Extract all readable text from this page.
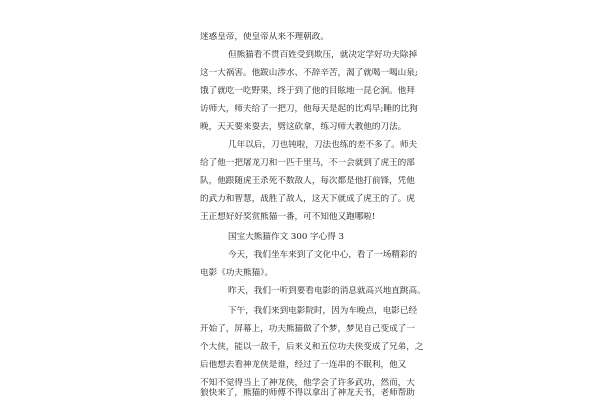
迷惑皇帝，使皇帝从来不理朝政。
但熊猫看不贯百姓受到欺压，就决定学好功夫除掉
这一大祸害。他跋山涉水、不辞辛苦，渴了就喝一喝山泉;
饿了就吃一吃野果，终于到了他的目眩地一昆仑涧。他拜
访师大，师夫给了一把刀，他每天是起的比鸡早;睡的比狗
晚，天天要来耍去，劈这砍拿，练习师大教他的刀法。
几年以后，刀也钝啦，刀法也练的差不多了。师夫
给了他一把屠龙刀和一匹千里马，不一会就到了虎王的部
队，他跟随虎王杀死不数敌人，每次都是他打前锋，凭他
的武力和智慧，战胜了敌人，这天下就成了虎王的了。虎
王正想好好奖赏熊猫一番，可不知他又跑哪啦!
国宝大熊猫作文 300 字心得 3
今天，我们坐车来到了文化中心，看了一场精彩的
电影《功夫熊猫》。
昨天，我们一听到要看电影的消息就高兴地直跳高。
下午，我们来到电影院时，因为车晚点，电影已经
开始了，屏幕上，功夫熊猫做了个梦，梦见自己变成了一
个大侠，能以一敌千，后来义和五位功夫侠变成了兄弟，之
后他想去看神龙侠是谁，经过了一连串的不眠利，他又
不知不觉得当上了神龙侠，他学会了许多武功，然而，大
狼快来了，熊猫的师傅不得以拿出了神龙天书，老师帮助
